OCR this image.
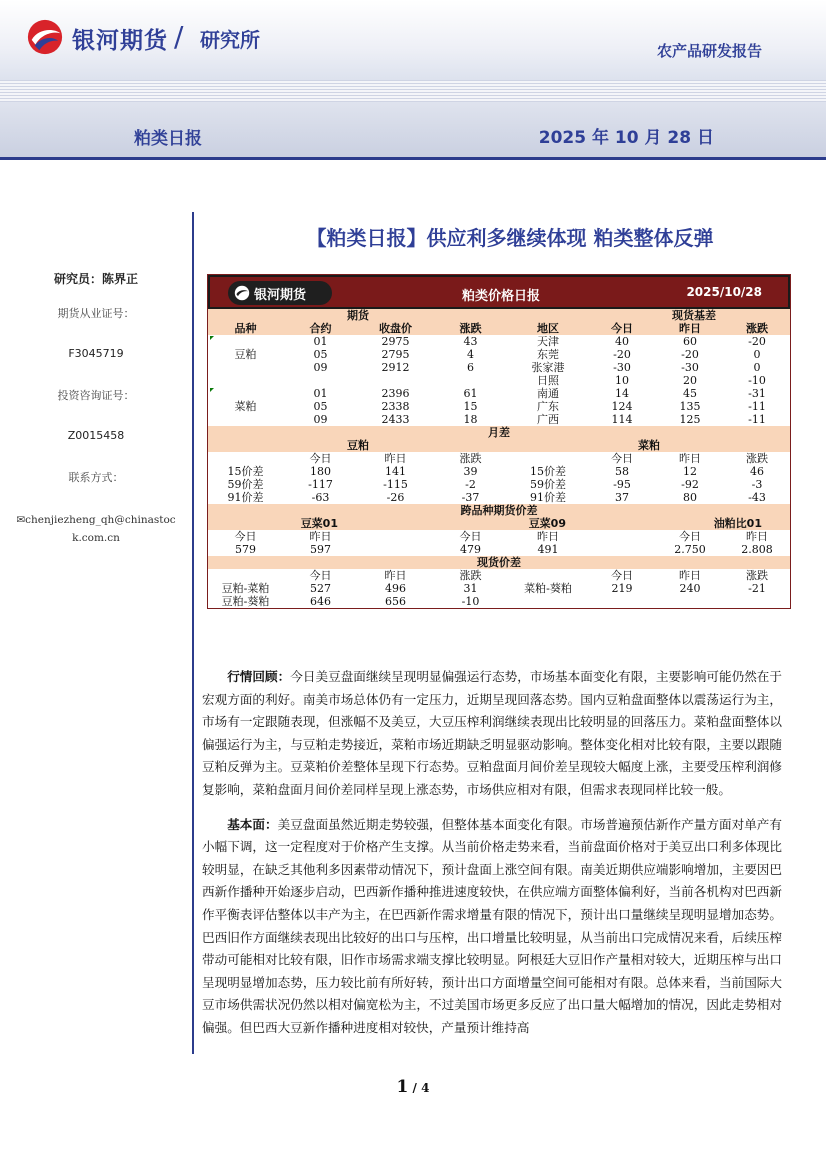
银河期货 / 研究所	农产品研发报告
粕类日报	2025 年 10 月 28 日
研究员：陈界正
期货从业证号：
F3045719
投资咨询证号：
Z0015458
联系方式：
✉chenjiezheng_qh@chinastock.com.cn
【粕类日报】供应利多继续体现 粕类整体反弹
银河期货	粕类价格日报	2025/10/28
期货				现货基差			
品种	合约	收盘价	涨跌	地区	今日	昨日	涨跌
豆粕	01	2975	43	天津	40	60	-20
	05	2795	4	东莞	-20	-20	0
	09	2912	6	张家港	-30	-30	0
				日照	10	20	-10
菜粕	01	2396	61	南通	14	45	-31
	05	2338	15	广东	124	135	-11
	09	2433	18	广西	114	125	-11
月差							
豆粕				菜粕			
	今日	昨日	涨跌		今日	昨日	涨跌
15价差	180	141	39	15价差	58	12	46
59价差	-117	-115	-2	59价差	-95	-92	-3
91价差	-63	-26	-37	91价差	37	80	-43
跨品种期货价差							
豆菜01		豆菜09			油粕比01		
今日	昨日		今日	昨日		今日	昨日
579	597		479	491		2.750	2.808
现货价差							
	今日	昨日	涨跌		今日	昨日	涨跌
豆粕-菜粕	527	496	31	菜粕-葵粕	219	240	-21
豆粕-葵粕	646	656	-10				

行情回顾：今日美豆盘面继续呈现明显偏强运行态势，市场基本面变化有限，主要影响可能仍然在于宏观方面的利好。南美市场总体仍有一定压力，近期呈现回落态势。国内豆粕盘面整体以震荡运行为主，市场有一定跟随表现，但涨幅不及美豆，大豆压榨利润继续表现出比较明显的回落压力。菜粕盘面整体以偏强运行为主，与豆粕走势接近，菜粕市场近期缺乏明显驱动影响。整体变化相对比较有限，主要以跟随豆粕反弹为主。豆菜粕价差整体呈现下行态势。豆粕盘面月间价差呈现较大幅度上涨，主要受压榨利润修复影响，菜粕盘面月间价差同样呈现上涨态势，市场供应相对有限，但需求表现同样比较一般。

基本面：美豆盘面虽然近期走势较强，但整体基本面变化有限。市场普遍预估新作产量方面对单产有小幅下调，这一定程度对于价格产生支撑。从当前价格走势来看，当前盘面价格对于美豆出口利多体现比较明显，在缺乏其他利多因素带动情况下，预计盘面上涨空间有限。南美近期供应端影响增加，主要因巴西新作播种开始逐步启动，巴西新作播种推进速度较快，在供应端方面整体偏利好，当前各机构对巴西新作平衡表评估整体以丰产为主，在巴西新作需求增量有限的情况下，预计出口量继续呈现明显增加态势。巴西旧作方面继续表现出比较好的出口与压榨，出口增量比较明显，从当前出口完成情况来看，后续压榨带动可能相对比较有限，旧作市场需求端支撑比较明显。阿根廷大豆旧作产量相对较大，近期压榨与出口呈现明显增加态势，压力较比前有所好转，预计出口方面增量空间可能相对有限。总体来看，当前国际大豆市场供需状况仍然以相对偏宽松为主，不过美国市场更多反应了出口量大幅增加的情况，因此走势相对偏强。但巴西大豆新作播种进度相对较快，产量预计维持高

1 / 4
